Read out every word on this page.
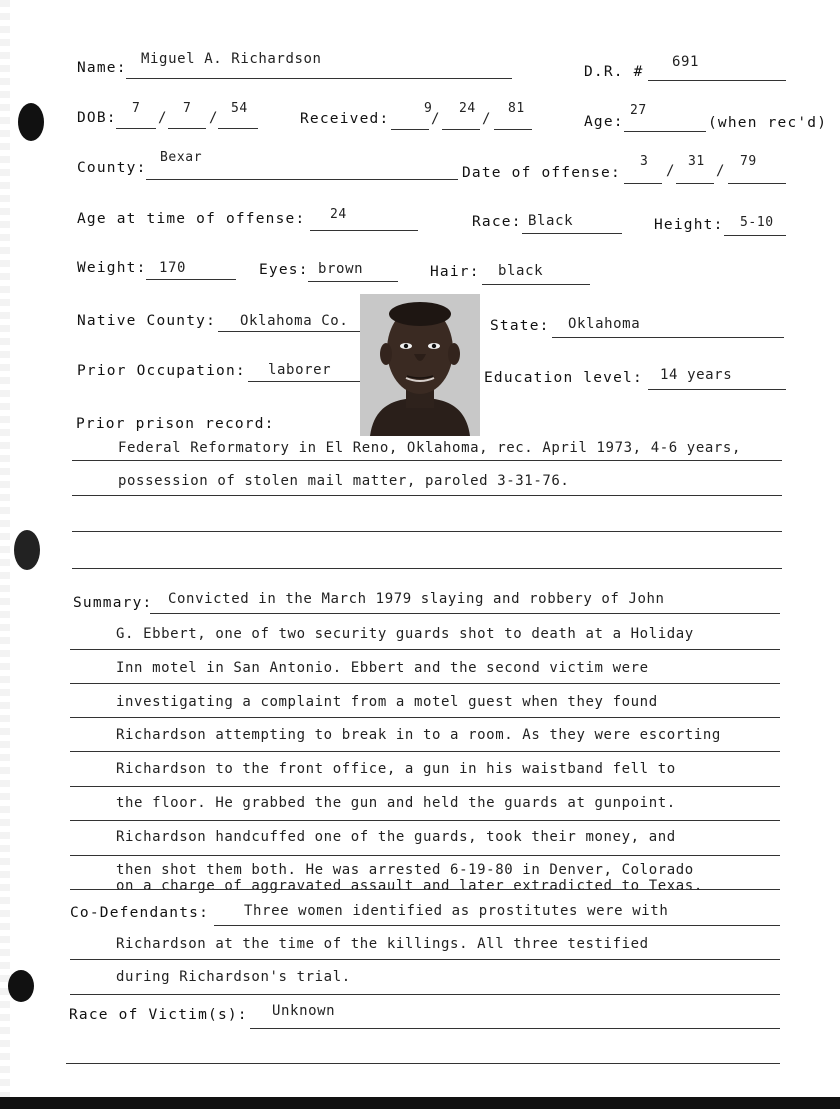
Name:
Miguel A. Richardson
D.R. #
691
DOB:
7
/
7
/
54
Received:
9
/
24
/
81
Age:
27
(when rec'd)
County:
Bexar
Date of offense:
3
/
31
/
79
Age at time of offense: 24	Race: Black	Height: 5-10
Weight: 170	Eyes: brown	Hair: black
Native County: Oklahoma Co.	State: Oklahoma
Prior Occupation: laborer	Education level: 14 years
Prior prison record:
Federal Reformatory in El Reno, Oklahoma, rec. April 1973, 4-6 years,
possession of stolen mail matter, paroled 3-31-76.
Summary: Convicted in the March 1979 slaying and robbery of John
G. Ebbert, one of two security guards shot to death at a Holiday
Inn motel in San Antonio. Ebbert and the second victim were
investigating a complaint from a motel guest when they found
Richardson attempting to break in to a room. As they were escorting
Richardson to the front office, a gun in his waistband fell to
the floor. He grabbed the gun and held the guards at gunpoint.
Richardson handcuffed one of the guards, took their money, and
then shot them both. He was arrested 6-19-80 in Denver, Colorado
on a charge of aggravated assault and later extradicted to Texas.
Co-Defendants: Three women identified as prostitutes were with
Richardson at the time of the killings. All three testified
during Richardson's trial.
Race of Victim(s): Unknown
